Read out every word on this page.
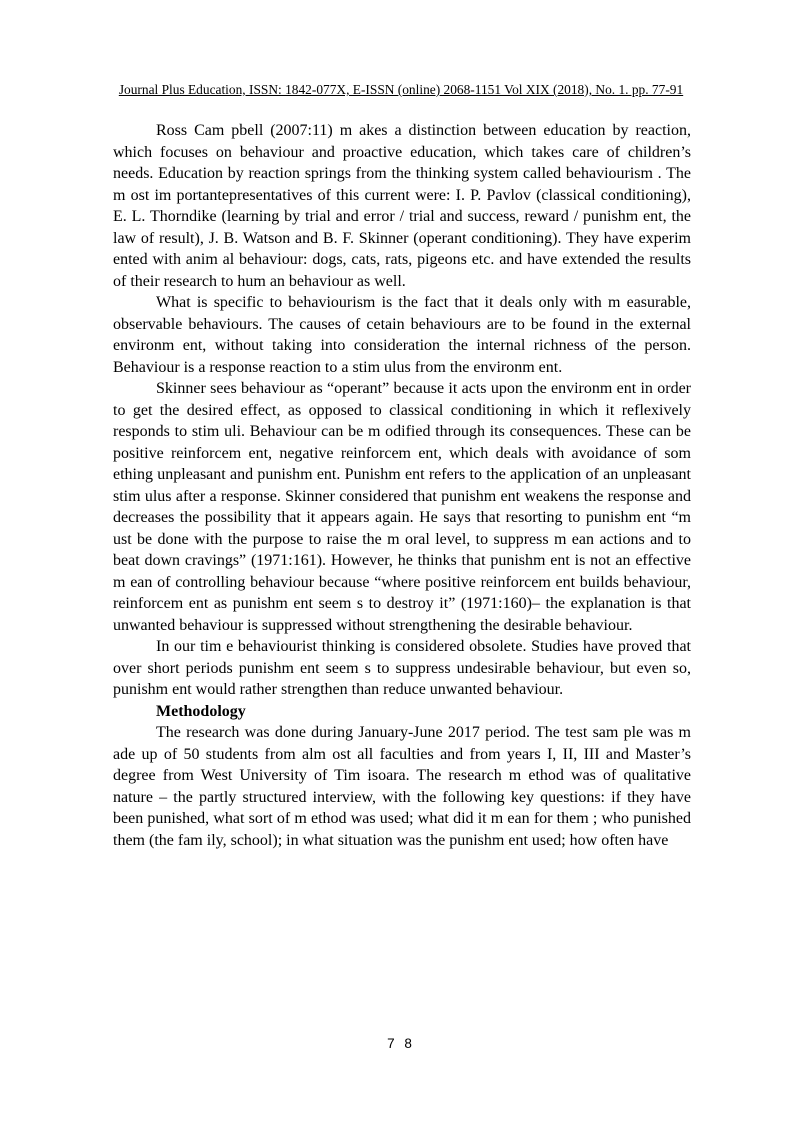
Journal Plus Education, ISSN: 1842-077X, E-ISSN (online) 2068-1151 Vol XIX (2018), No. 1. pp. 77-91

Ross Cam pbell (2007:11) m akes a distinction between education by reaction, which focuses on behaviour and proactive education, which takes care of children’s needs. Education by reaction springs from the thinking system called behaviourism . The m ost im portantepresentatives of this current were: I. P. Pavlov (classical conditioning), E. L. Thorndike (learning by trial and error / trial and success, reward / punishm ent, the law of result), J. B. Watson and B. F. Skinner (operant conditioning). They have experim ented with anim al behaviour: dogs, cats, rats, pigeons etc. and have extended the results of their research to hum an behaviour as well.

What is specific to behaviourism is the fact that it deals only with m easurable, observable behaviours. The causes of cetain behaviours are to be found in the external environm ent, without taking into consideration the internal richness of the person. Behaviour is a response reaction to a stim ulus from the environm ent.

Skinner sees behaviour as “operant” because it acts upon the environm ent in order to get the desired effect, as opposed to classical conditioning in which it reflexively responds to stim uli. Behaviour can be m odified through its consequences. These can be positive reinforcem ent, negative reinforcem ent, which deals with avoidance of som ething unpleasant and punishm ent. Punishm ent refers to the application of an unpleasant stim ulus after a response. Skinner considered that punishm ent weakens the response and decreases the possibility that it appears again. He says that resorting to punishm ent “m ust be done with the purpose to raise the m oral level, to suppress m ean actions and to beat down cravings” (1971:161). However, he thinks that punishm ent is not an effective m ean of controlling behaviour because “where positive reinforcem ent builds behaviour, reinforcem ent as punishm ent seem s to destroy it” (1971:160)– the explanation is that unwanted behaviour is suppressed without strengthening the desirable behaviour.

In our tim e behaviourist thinking is considered obsolete. Studies have proved that over short periods punishm ent seem s to suppress undesirable behaviour, but even so, punishm ent would rather strengthen than reduce unwanted behaviour.

Methodology

The research was done during January-June 2017 period. The test sam ple was m ade up of 50 students from alm ost all faculties and from years I, II, III and Master’s degree from West University of Tim isoara. The research m ethod was of qualitative nature – the partly structured interview, with the following key questions: if they have been punished, what sort of m ethod was used; what did it m ean for them ; who punished them (the fam ily, school); in what situation was the punishm ent used; how often have

7 8
